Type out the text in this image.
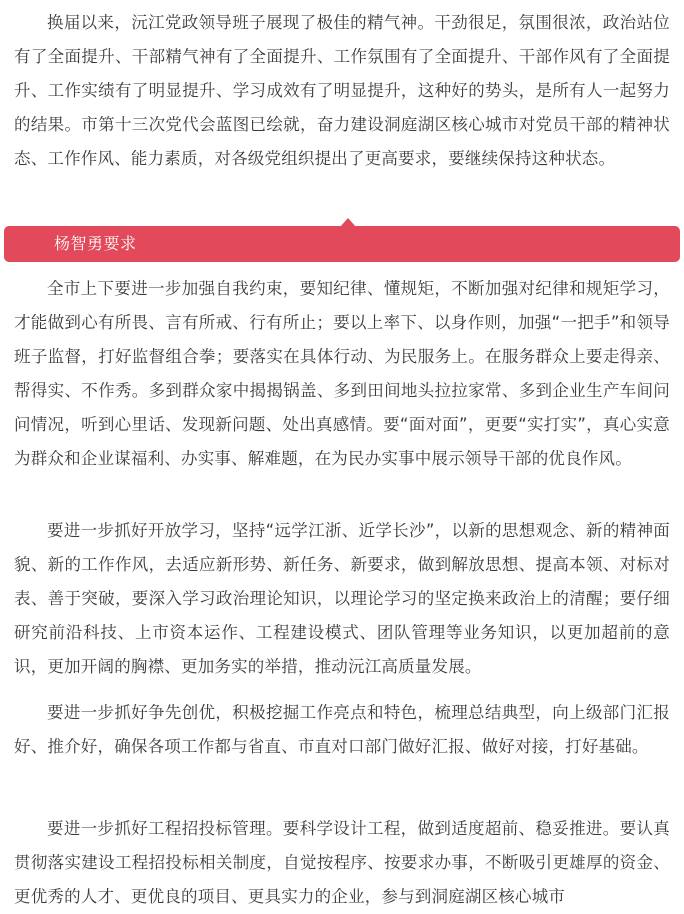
换届以来，沅江党政领导班子展现了极佳的精气神。干劲很足，氛围很浓，政治站位有了全面提升、干部精气神有了全面提升、工作氛围有了全面提升、干部作风有了全面提升、工作实绩有了明显提升、学习成效有了明显提升，这种好的势头，是所有人一起努力的结果。市第十三次党代会蓝图已绘就，奋力建设洞庭湖区核心城市对党员干部的精神状态、工作作风、能力素质，对各级党组织提出了更高要求，要继续保持这种状态。

杨智勇要求

全市上下要进一步加强自我约束，要知纪律、懂规矩，不断加强对纪律和规矩学习，才能做到心有所畏、言有所戒、行有所止；要以上率下、以身作则，加强“一把手”和领导班子监督，打好监督组合拳；要落实在具体行动、为民服务上。在服务群众上要走得亲、帮得实、不作秀。多到群众家中揭揭锅盖、多到田间地头拉拉家常、多到企业生产车间问问情况，听到心里话、发现新问题、处出真感情。要“面对面”，更要“实打实”，真心实意为群众和企业谋福利、办实事、解难题，在为民办实事中展示领导干部的优良作风。

要进一步抓好开放学习，坚持“远学江浙、近学长沙”，以新的思想观念、新的精神面貌、新的工作作风，去适应新形势、新任务、新要求，做到解放思想、提高本领、对标对表、善于突破，要深入学习政治理论知识，以理论学习的坚定换来政治上的清醒；要仔细研究前沿科技、上市资本运作、工程建设模式、团队管理等业务知识，以更加超前的意识，更加开阔的胸襟、更加务实的举措，推动沅江高质量发展。

要进一步抓好争先创优，积极挖掘工作亮点和特色，梳理总结典型，向上级部门汇报好、推介好，确保各项工作都与省直、市直对口部门做好汇报、做好对接，打好基础。

要进一步抓好工程招投标管理。要科学设计工程，做到适度超前、稳妥推进。要认真贯彻落实建设工程招投标相关制度，自觉按程序、按要求办事，不断吸引更雄厚的资金、更优秀的人才、更优良的项目、更具实力的企业，参与到洞庭湖区核心城市
